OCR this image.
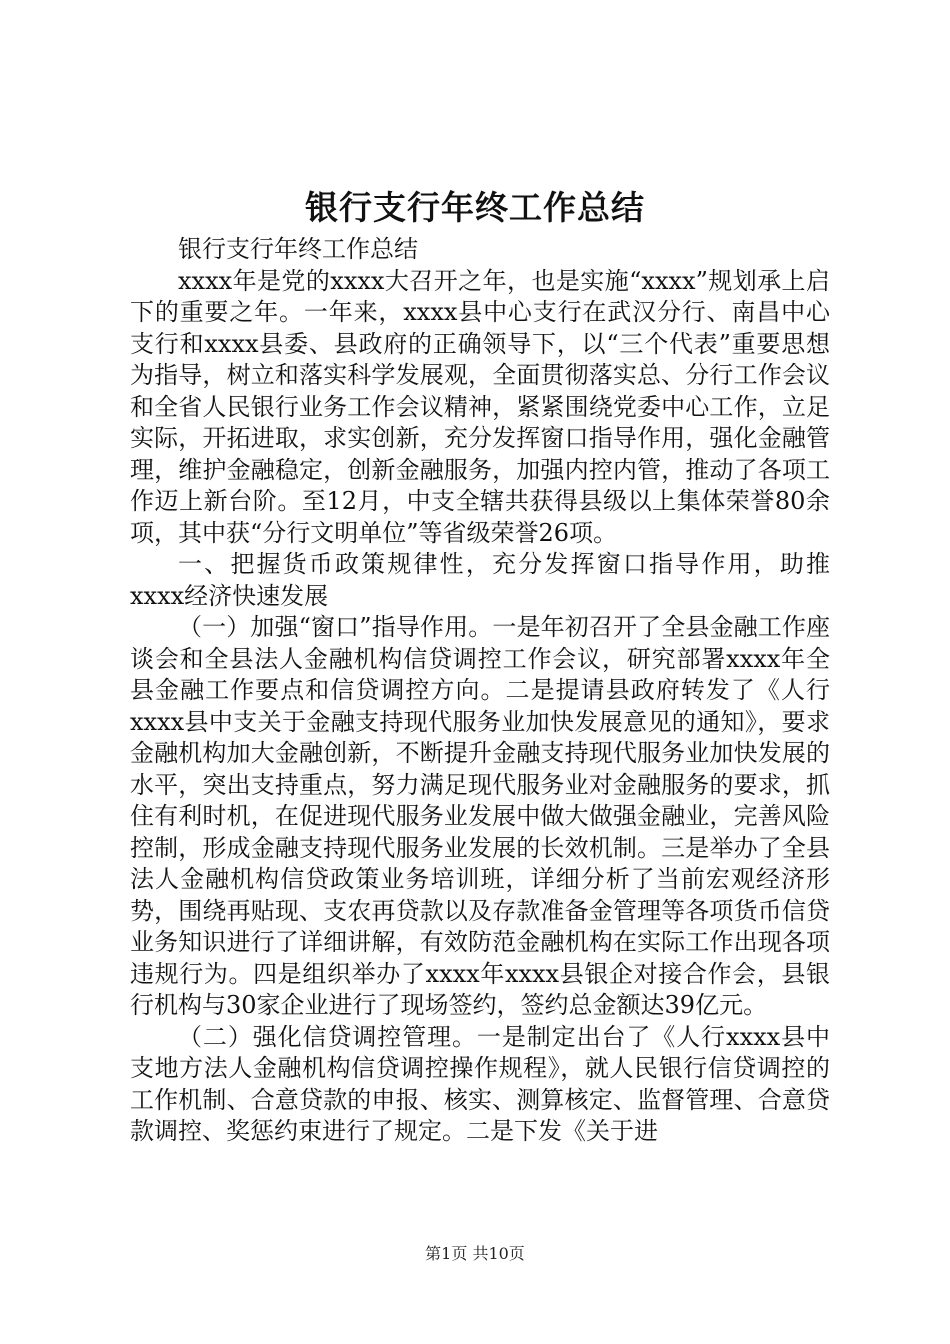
银行支行年终工作总结

银行支行年终工作总结

xxxx年是党的xxxx大召开之年，也是实施“xxxx”规划承上启下的重要之年。一年来，xxxx县中心支行在武汉分行、南昌中心支行和xxxx县委、县政府的正确领导下，以“三个代表”重要思想为指导，树立和落实科学发展观，全面贯彻落实总、分行工作会议和全省人民银行业务工作会议精神，紧紧围绕党委中心工作，立足实际，开拓进取，求实创新，充分发挥窗口指导作用，强化金融管理，维护金融稳定，创新金融服务，加强内控内管，推动了各项工作迈上新台阶。至12月，中支全辖共获得县级以上集体荣誉80余项，其中获“分行文明单位”等省级荣誉26项。

一、把握货币政策规律性，充分发挥窗口指导作用，助推xxxx经济快速发展

（一）加强“窗口”指导作用。一是年初召开了全县金融工作座谈会和全县法人金融机构信贷调控工作会议，研究部署xxxx年全县金融工作要点和信贷调控方向。二是提请县政府转发了《人行xxxx县中支关于金融支持现代服务业加快发展意见的通知》，要求金融机构加大金融创新，不断提升金融支持现代服务业加快发展的水平，突出支持重点，努力满足现代服务业对金融服务的要求，抓住有利时机，在促进现代服务业发展中做大做强金融业，完善风险控制，形成金融支持现代服务业发展的长效机制。三是举办了全县法人金融机构信贷政策业务培训班，详细分析了当前宏观经济形势，围绕再贴现、支农再贷款以及存款准备金管理等各项货币信贷业务知识进行了详细讲解，有效防范金融机构在实际工作出现各项违规行为。四是组织举办了xxxx年xxxx县银企对接合作会，县银行机构与30家企业进行了现场签约，签约总金额达39亿元。

（二）强化信贷调控管理。一是制定出台了《人行xxxx县中支地方法人金融机构信贷调控操作规程》，就人民银行信贷调控的工作机制、合意贷款的申报、核实、测算核定、监督管理、合意贷款调控、奖惩约束进行了规定。二是下发《关于进

第1页 共10页
